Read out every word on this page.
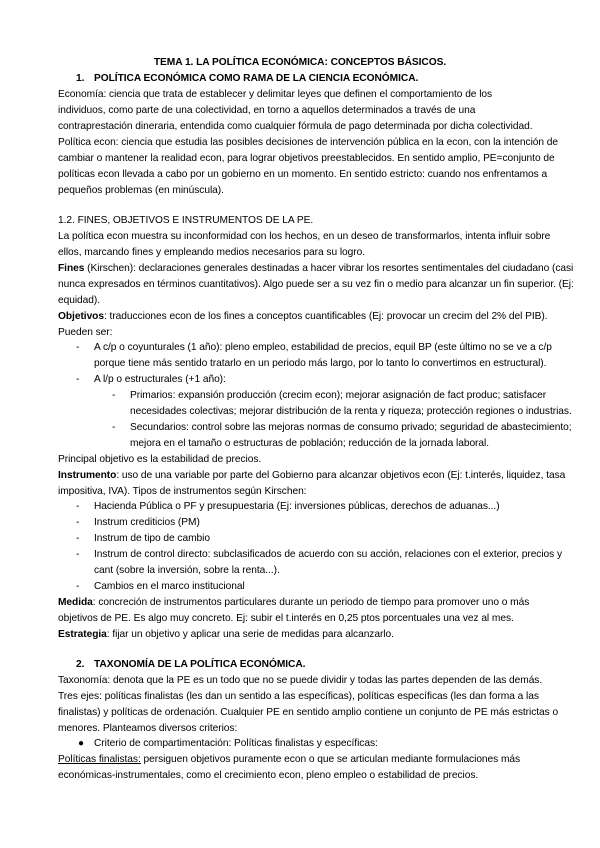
TEMA 1. LA POLÍTICA ECONÓMICA: CONCEPTOS BÁSICOS.
1. POLÍTICA ECONÓMICA COMO RAMA DE LA CIENCIA ECONÓMICA.
Economía: ciencia que trata de establecer y delimitar leyes que definen el comportamiento de los
individuos, como parte de una colectividad, en torno a aquellos determinados a través de una
contraprestación dineraria, entendida como cualquier fórmula de pago determinada por dicha colectividad.
Política econ: ciencia que estudia las posibles decisiones de intervención pública en la econ, con la intención de
cambiar o mantener la realidad econ, para lograr objetivos preestablecidos. En sentido amplio, PE=conjunto de
políticas econ llevada a cabo por un gobierno en un momento. En sentido estricto: cuando nos enfrentamos a
pequeños problemas (en minúscula).
1.2. FINES, OBJETIVOS E INSTRUMENTOS DE LA PE.
La política econ muestra su inconformidad con los hechos, en un deseo de transformarlos, intenta influir sobre
ellos, marcando fines y empleando medios necesarios para su logro.
Fines (Kirschen): declaraciones generales destinadas a hacer vibrar los resortes sentimentales del ciudadano (casi
nunca expresados en términos cuantitativos). Algo puede ser a su vez fin o medio para alcanzar un fin superior. (Ej:
equidad).
Objetivos: traducciones econ de los fines a conceptos cuantificables (Ej: provocar un crecim del 2% del PIB).
Pueden ser:
- A c/p o coyunturales (1 año): pleno empleo, estabilidad de precios, equil BP (este último no se ve a c/p
porque tiene más sentido tratarlo en un periodo más largo, por lo tanto lo convertimos en estructural).
- A l/p o estructurales (+1 año):
- Primarios: expansión producción (crecim econ); mejorar asignación de fact produc; satisfacer
necesidades colectivas; mejorar distribución de la renta y riqueza; protección regiones o industrias.
- Secundarios: control sobre las mejoras normas de consumo privado; seguridad de abastecimiento;
mejora en el tamaño o estructuras de población; reducción de la jornada laboral.
Principal objetivo es la estabilidad de precios.
Instrumento: uso de una variable por parte del Gobierno para alcanzar objetivos econ (Ej: t.interés, liquidez, tasa
impositiva, IVA). Tipos de instrumentos según Kirschen:
- Hacienda Pública o PF y presupuestaria (Ej: inversiones públicas, derechos de aduanas...)
- Instrum crediticios (PM)
- Instrum de tipo de cambio
- Instrum de control directo: subclasificados de acuerdo con su acción, relaciones con el exterior, precios y
cant (sobre la inversión, sobre la renta...).
- Cambios en el marco institucional
Medida: concreción de instrumentos particulares durante un periodo de tiempo para promover uno o más
objetivos de PE. Es algo muy concreto. Ej: subir el t.interés en 0,25 ptos porcentuales una vez al mes.
Estrategia: fijar un objetivo y aplicar una serie de medidas para alcanzarlo.
2. TAXONOMÍA DE LA POLÍTICA ECONÓMICA.
Taxonomía: denota que la PE es un todo que no se puede dividir y todas las partes dependen de las demás.
Tres ejes: políticas finalistas (les dan un sentido a las específicas), políticas específicas (les dan forma a las
finalistas) y políticas de ordenación. Cualquier PE en sentido amplio contiene un conjunto de PE más estrictas o
menores. Planteamos diversos criterios:
● Criterio de compartimentación: Políticas finalistas y específicas:
Políticas finalistas: persiguen objetivos puramente econ o que se articulan mediante formulaciones más
económicas-instrumentales, como el crecimiento econ, pleno empleo o estabilidad de precios.
